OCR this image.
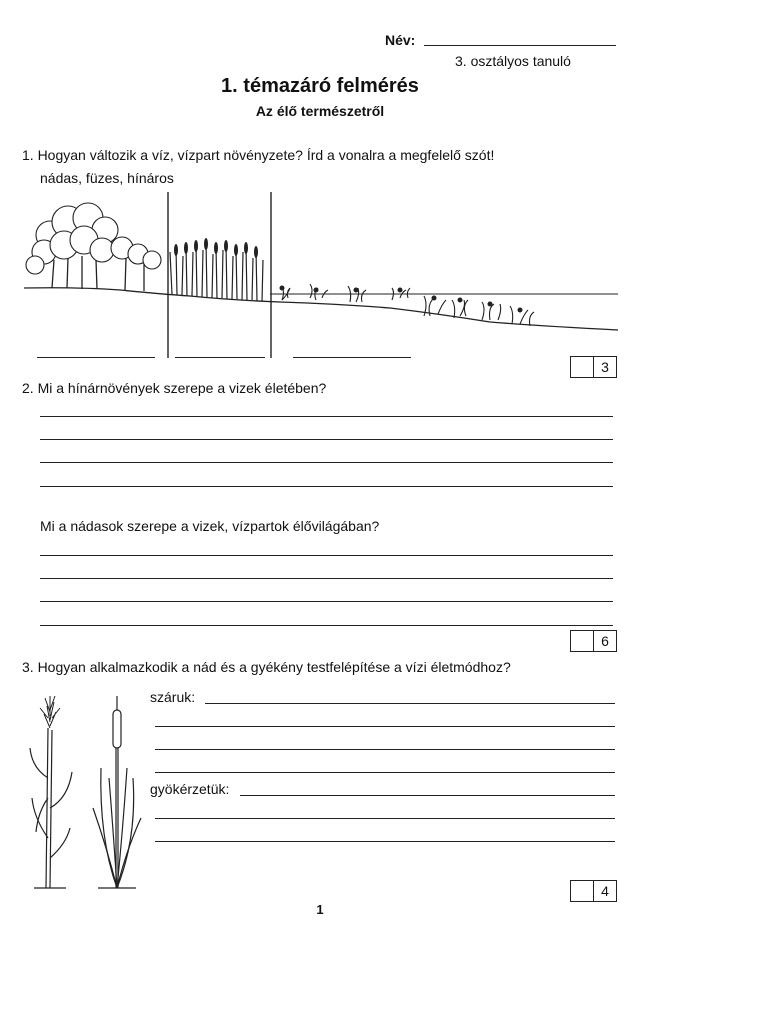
Név:
3. osztályos tanuló
1. témazáró felmérés
Az élő természetről
1. Hogyan változik a víz, vízpart növényzete? Írd a vonalra a megfelelő szót!
nádas, füzes, hínáros
3
2. Mi a hínárnövények szerepe a vizek életében?
Mi a nádasok szerepe a vizek, vízpartok élővilágában?
6
3. Hogyan alkalmazkodik a nád és a gyékény testfelépítése a vízi életmódhoz?
száruk:
gyökérzetük:
4
1
